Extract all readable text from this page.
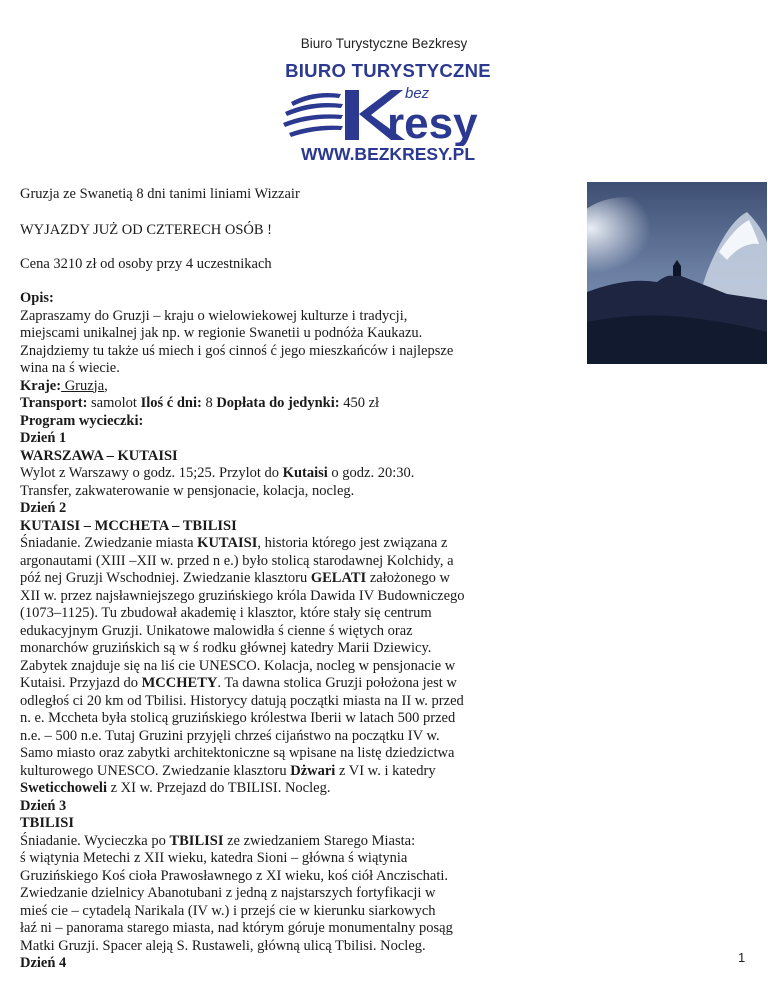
Biuro Turystyczne Bezkresy
BIURO TURYSTYCZNE
bez
resy
WWW.BEZKRESY.PL
Gruzja ze Swanetią 8 dni tanimi liniami Wizzair
WYJAZDY JUŻ OD CZTERECH OSÓB !
Cena 3210 zł od osoby przy 4 uczestnikach
Opis:
Zapraszamy do Gruzji – kraju o wielowiekowej kulturze i tradycji,
miejscami unikalnej jak np. w regionie Swanetii u podnóża Kaukazu.
Znajdziemy tu także uś miech i goś cinnoś ć jego mieszkańców i najlepsze
wina na ś wiecie.
Kraje: Gruzja,
Transport: samolot Iloś ć dni: 8 Dopłata do jedynki: 450 zł
Program wycieczki:
Dzień 1
WARSZAWA – KUTAISI
Wylot z Warszawy o godz. 15;25. Przylot do Kutaisi o godz. 20:30.
Transfer, zakwaterowanie w pensjonacie, kolacja, nocleg.
Dzień 2
KUTAISI – MCCHETA – TBILISI
Śniadanie. Zwiedzanie miasta KUTAISI, historia którego jest związana z
argonautami (XIII –XII w. przed n e.) było stolicą starodawnej Kolchidy, a
póź nej Gruzji Wschodniej. Zwiedzanie klasztoru GELATI założonego w
XII w. przez najsławniejszego gruzińskiego króla Dawida IV Budowniczego
(1073–1125). Tu zbudował akademię i klasztor, które stały się centrum
edukacyjnym Gruzji. Unikatowe malowidła ś cienne ś więtych oraz
monarchów gruzińskich są w ś rodku głównej katedry Marii Dziewicy.
Zabytek znajduje się na liś cie UNESCO. Kolacja, nocleg w pensjonacie w
Kutaisi. Przyjazd do MCCHETY. Ta dawna stolica Gruzji położona jest w
odległoś ci 20 km od Tbilisi. Historycy datują początki miasta na II w. przed
n. e. Mccheta była stolicą gruzińskiego królestwa Iberii w latach 500 przed
n.e. – 500 n.e. Tutaj Gruzini przyjęli chrześ cijaństwo na początku IV w.
Samo miasto oraz zabytki architektoniczne są wpisane na listę dziedzictwa
kulturowego UNESCO. Zwiedzanie klasztoru Dżwari z VI w. i katedry
Sweticchoweli z XI w. Przejazd do TBILISI. Nocleg.
Dzień 3
TBILISI
Śniadanie. Wycieczka po TBILISI ze zwiedzaniem Starego Miasta:
ś wiątynia Metechi z XII wieku, katedra Sioni – główna ś wiątynia
Gruzińskiego Koś cioła Prawosławnego z XI wieku, koś ciół Anczischati.
Zwiedzanie dzielnicy Abanotubani z jedną z najstarszych fortyfikacji w
mieś cie – cytadelą Narikala (IV w.) i przejś cie w kierunku siarkowych
łaź ni – panorama starego miasta, nad którym góruje monumentalny posąg
Matki Gruzji. Spacer aleją S. Rustaweli, główną ulicą Tbilisi. Nocleg.
Dzień 4	1
